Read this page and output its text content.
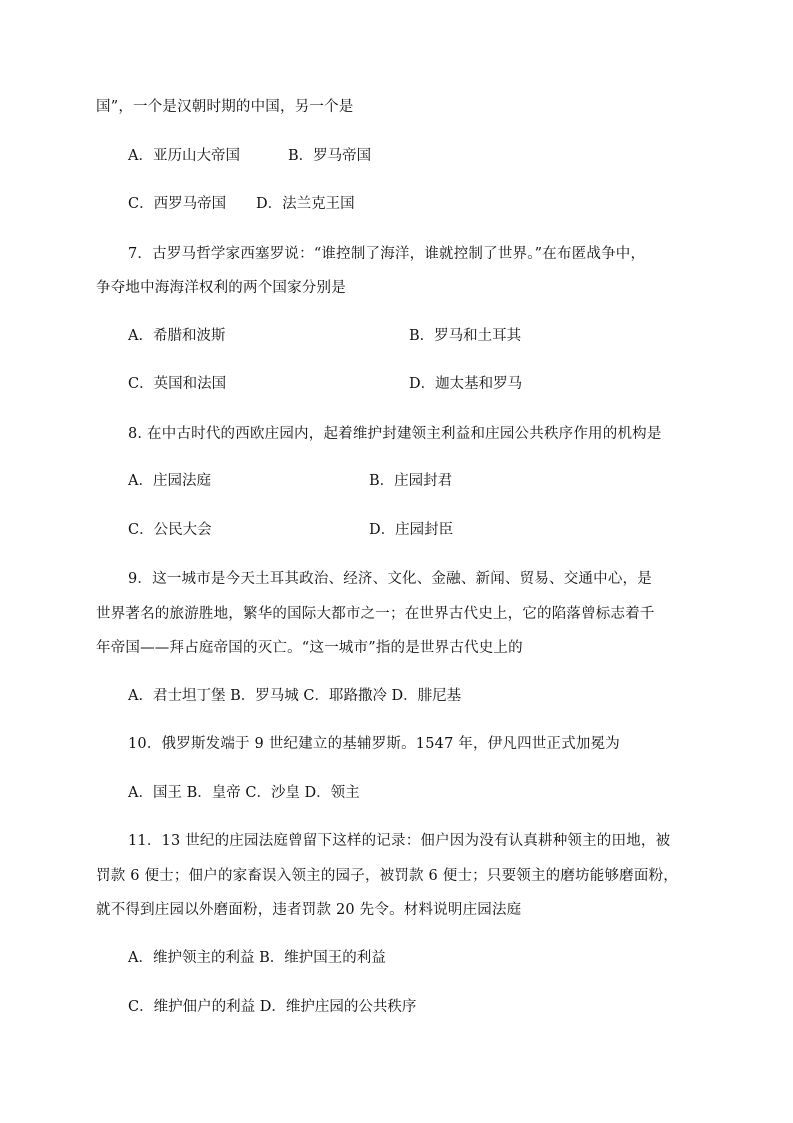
国”，一个是汉朝时期的中国，另一个是
A．亚历山大帝国	B．罗马帝国
C．西罗马帝国 D．法兰克王国
7．古罗马哲学家西塞罗说：“谁控制了海洋，谁就控制了世界。”在布匿战争中，
争夺地中海海洋权利的两个国家分别是
A．希腊和波斯	B．罗马和土耳其
C．英国和法国	D．迦太基和罗马
8. 在中古时代的西欧庄园内，起着维护封建领主利益和庄园公共秩序作用的机构是
A．庄园法庭	B．庄园封君
C．公民大会	D．庄园封臣
9．这一城市是今天土耳其政治、经济、文化、金融、新闻、贸易、交通中心，是
世界著名的旅游胜地，繁华的国际大都市之一；在世界古代史上，它的陷落曾标志着千
年帝国——拜占庭帝国的灭亡。“这一城市”指的是世界古代史上的
A．君士坦丁堡 B．罗马城 C．耶路撒冷 D．腓尼基
10．俄罗斯发端于 9 世纪建立的基辅罗斯。1547 年，伊凡四世正式加冕为
A．国王 B．皇帝 C．沙皇 D．领主
11．13 世纪的庄园法庭曾留下这样的记录：佃户因为没有认真耕种领主的田地，被
罚款 6 便士；佃户的家畜误入领主的园子，被罚款 6 便士；只要领主的磨坊能够磨面粉，
就不得到庄园以外磨面粉，违者罚款 20 先令。材料说明庄园法庭
A．维护领主的利益 B．维护国王的利益
C．维护佃户的利益 D．维护庄园的公共秩序
